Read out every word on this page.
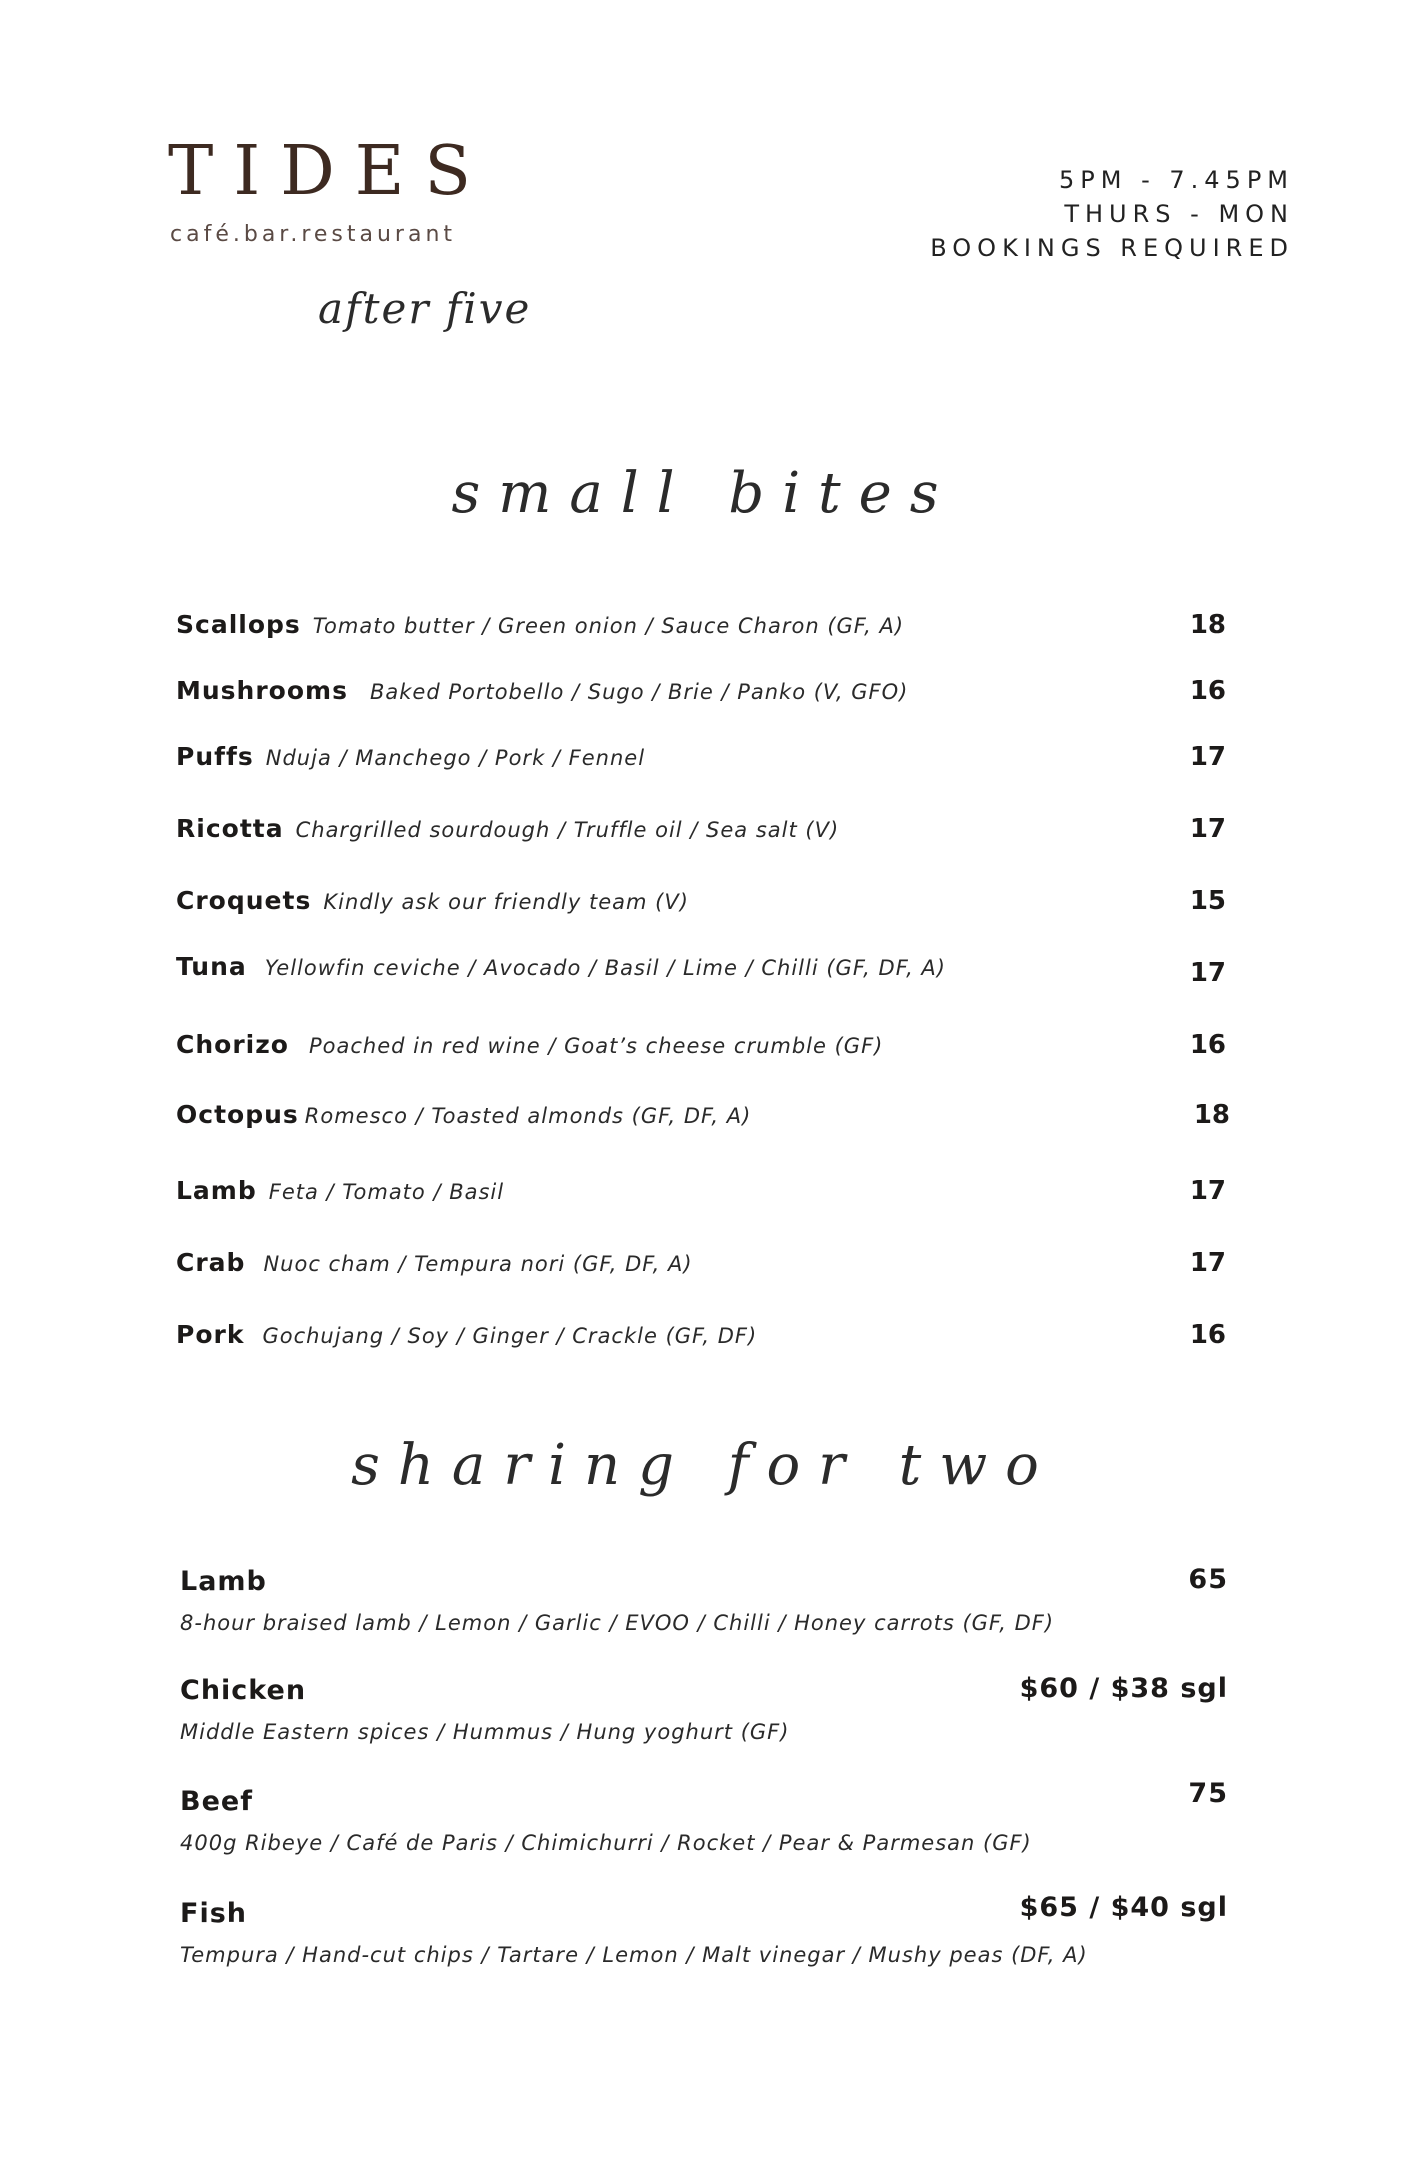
TIDES
café.bar.restaurant
after five
5PM - 7.45PM
THURS - MON
BOOKINGS REQUIRED
small bites
Scallops Tomato butter / Green onion / Sauce Charon (GF, A)	18
Mushrooms Baked Portobello / Sugo / Brie / Panko (V, GFO)	16
Puffs Nduja / Manchego / Pork / Fennel	17
Ricotta Chargrilled sourdough / Truffle oil / Sea salt (V)	17
Croquets Kindly ask our friendly team (V)	15
Tuna Yellowfin ceviche / Avocado / Basil / Lime / Chilli (GF, DF, A)	17
Chorizo Poached in red wine / Goat’s cheese crumble (GF)	16
Octopus Romesco / Toasted almonds (GF, DF, A)	18
Lamb Feta / Tomato / Basil	17
Crab Nuoc cham / Tempura nori (GF, DF, A)	17
Pork Gochujang / Soy / Ginger / Crackle (GF, DF)	16
sharing for two
Lamb	65
8-hour braised lamb / Lemon / Garlic / EVOO / Chilli / Honey carrots (GF, DF)
Chicken	$60 / $38 sgl
Middle Eastern spices / Hummus / Hung yoghurt (GF)
Beef	75
400g Ribeye / Café de Paris / Chimichurri / Rocket / Pear & Parmesan (GF)
Fish	$65 / $40 sgl
Tempura / Hand-cut chips / Tartare / Lemon / Malt vinegar / Mushy peas (DF, A)
